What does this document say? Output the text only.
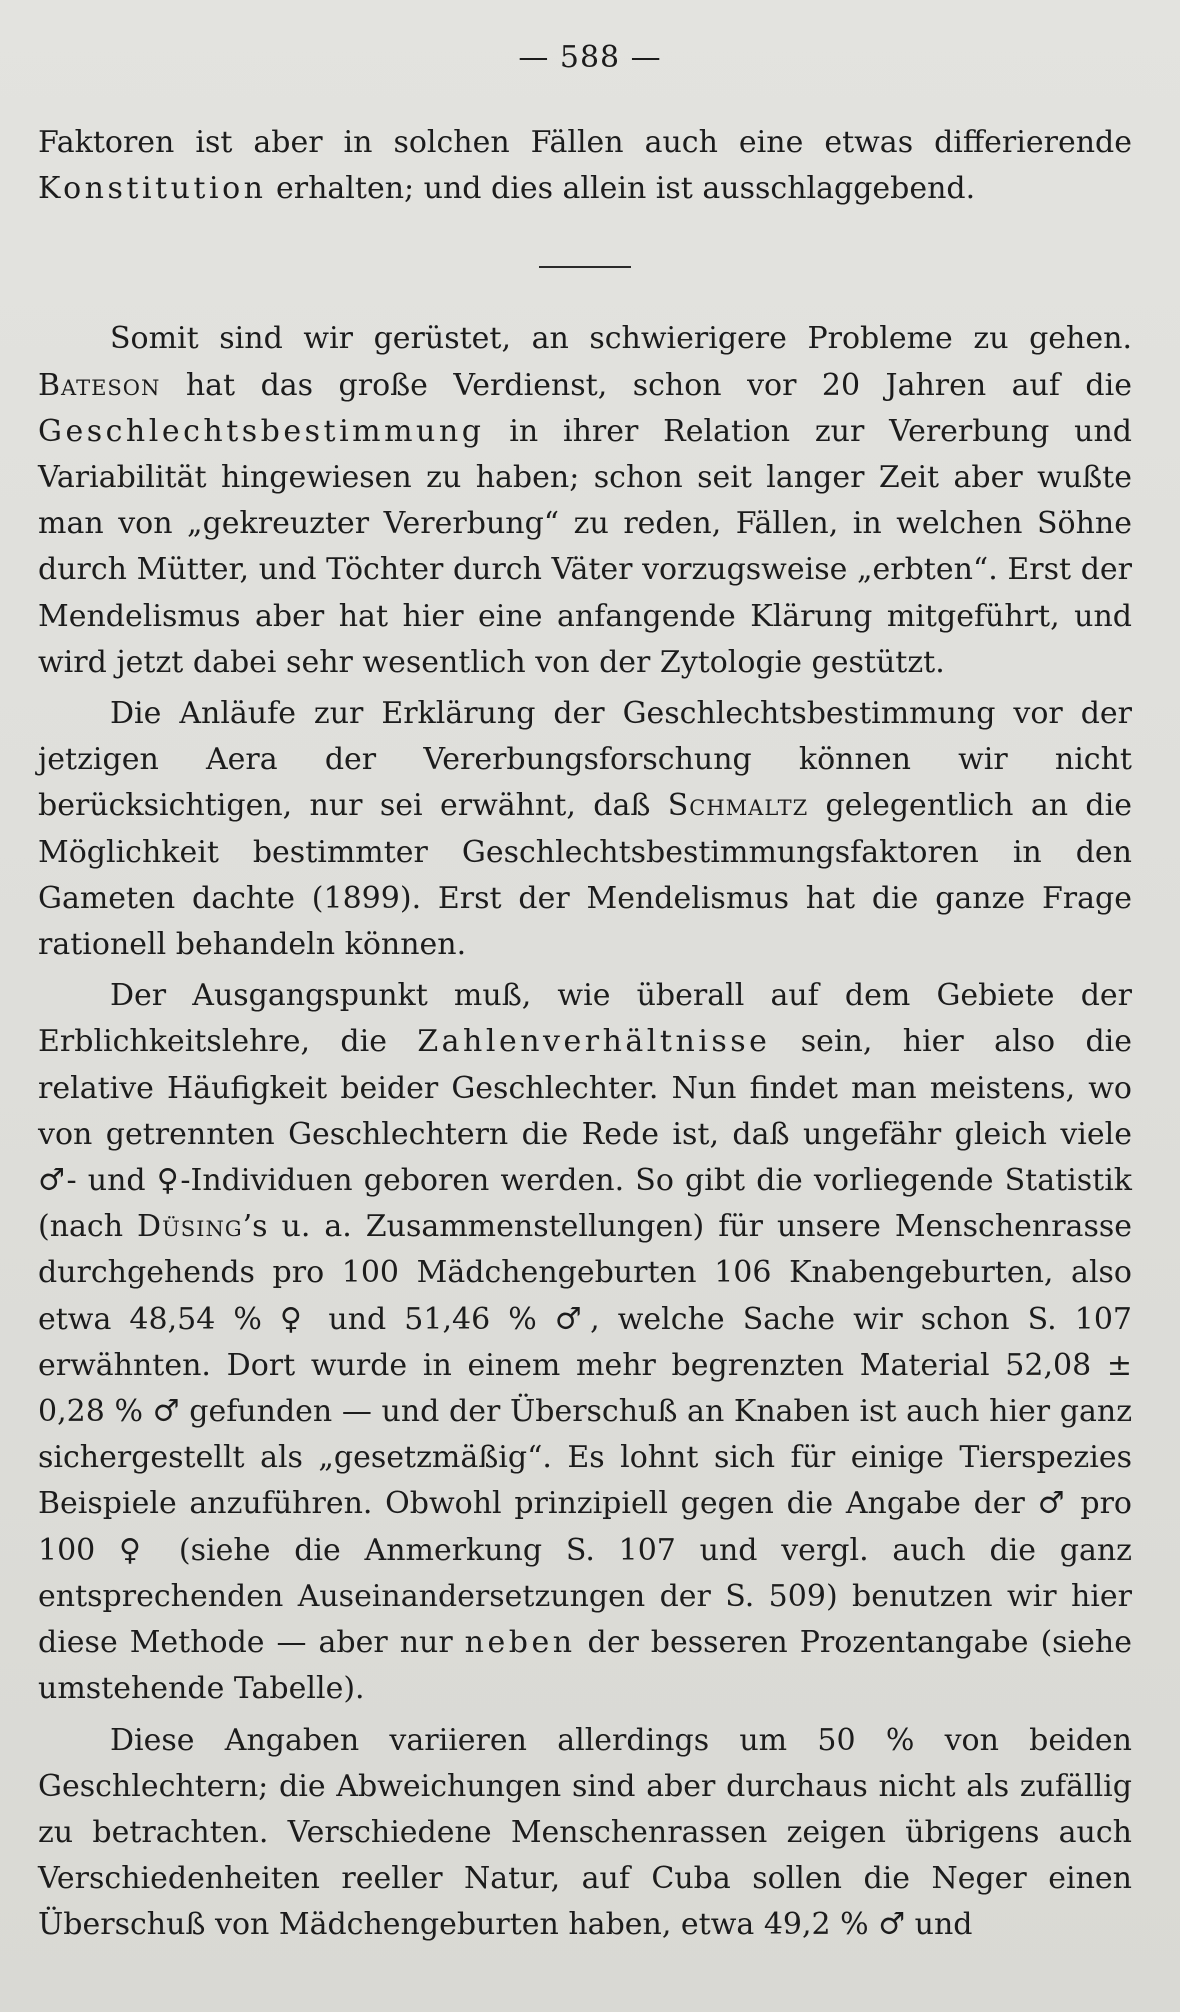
— 588 —

Faktoren ist aber in solchen Fällen auch eine etwas differierende Konstitution erhalten; und dies allein ist ausschlaggebend.

Somit sind wir gerüstet, an schwierigere Probleme zu gehen. Bateson hat das große Verdienst, schon vor 20 Jahren auf die Geschlechtsbestimmung in ihrer Relation zur Vererbung und Variabilität hingewiesen zu haben; schon seit langer Zeit aber wußte man von „gekreuzter Vererbung“ zu reden, Fällen, in welchen Söhne durch Mütter, und Töchter durch Väter vorzugsweise „erbten“. Erst der Mendelismus aber hat hier eine anfangende Klärung mitgeführt, und wird jetzt dabei sehr wesentlich von der Zytologie gestützt.

Die Anläufe zur Erklärung der Geschlechtsbestimmung vor der jetzigen Aera der Vererbungsforschung können wir nicht berücksichtigen, nur sei erwähnt, daß Schmaltz gelegentlich an die Möglichkeit bestimmter Geschlechtsbestimmungsfaktoren in den Gameten dachte (1899). Erst der Mendelismus hat die ganze Frage rationell behandeln können.

Der Ausgangspunkt muß, wie überall auf dem Gebiete der Erblichkeitslehre, die Zahlenverhältnisse sein, hier also die relative Häufigkeit beider Geschlechter. Nun findet man meistens, wo von getrennten Geschlechtern die Rede ist, daß ungefähr gleich viele ♂- und ♀-Individuen geboren werden. So gibt die vorliegende Statistik (nach Düsing’s u. a. Zusammenstellungen) für unsere Menschenrasse durchgehends pro 100 Mädchengeburten 106 Knabengeburten, also etwa 48,54 % ♀ und 51,46 % ♂, welche Sache wir schon S. 107 erwähnten. Dort wurde in einem mehr begrenzten Material 52,08 ± 0,28 % ♂ gefunden — und der Überschuß an Knaben ist auch hier ganz sichergestellt als „gesetzmäßig“. Es lohnt sich für einige Tierspezies Beispiele anzuführen. Obwohl prinzipiell gegen die Angabe der ♂ pro 100 ♀ (siehe die Anmerkung S. 107 und vergl. auch die ganz entsprechenden Auseinandersetzungen der S. 509) benutzen wir hier diese Methode — aber nur neben der besseren Prozentangabe (siehe umstehende Tabelle).

Diese Angaben variieren allerdings um 50 % von beiden Geschlechtern; die Abweichungen sind aber durchaus nicht als zufällig zu betrachten. Verschiedene Menschenrassen zeigen übrigens auch Verschiedenheiten reeller Natur, auf Cuba sollen die Neger einen Überschuß von Mädchengeburten haben, etwa 49,2 % ♂ und
